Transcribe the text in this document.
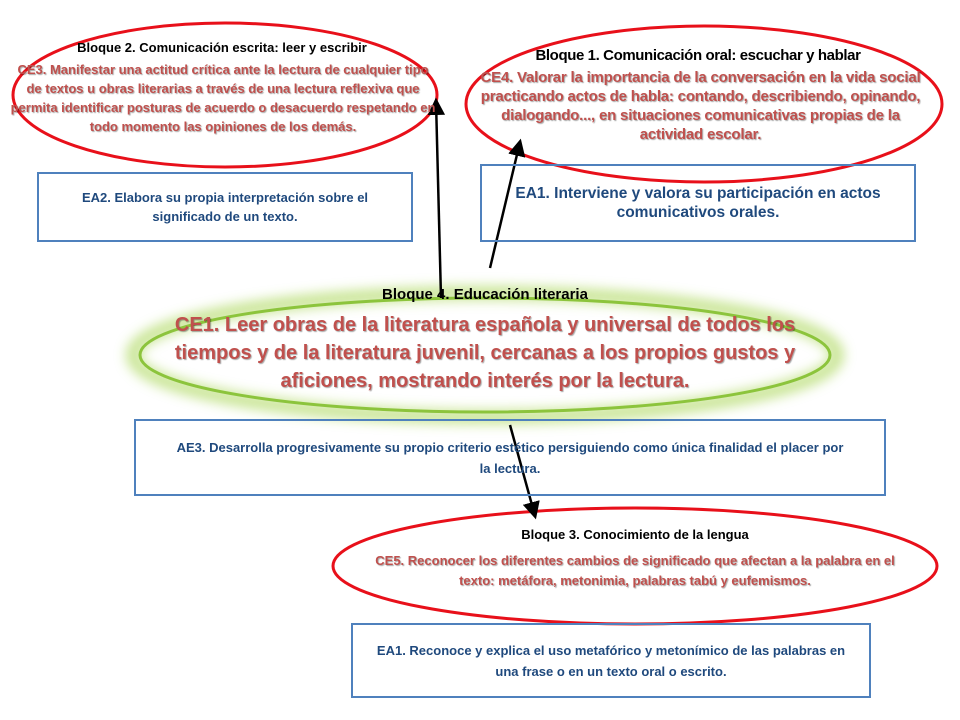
Bloque 2. Comunicación escrita: leer y escribir
CE3. Manifestar una actitud crítica ante la lectura de cualquier tipo de textos u obras literarias a través de una lectura reflexiva que permita identificar posturas de acuerdo o desacuerdo respetando en todo momento las opiniones de los demás.
EA2. Elabora su propia interpretación sobre el significado de un texto.
Bloque 1. Comunicación oral: escuchar y hablar
CE4. Valorar la importancia de la conversación en la vida social practicando actos de habla: contando, describiendo, opinando, dialogando..., en situaciones comunicativas propias de la actividad escolar.
EA1. Interviene y valora su participación en actos comunicativos orales.
Bloque 4. Educación literaria
CE1. Leer obras de la literatura española y universal de todos los tiempos y de la literatura juvenil, cercanas a los propios gustos y aficiones, mostrando interés por la lectura.
AE3. Desarrolla progresivamente su propio criterio estético persiguiendo como única finalidad el placer por la lectura.
Bloque 3. Conocimiento de la lengua
CE5. Reconocer los diferentes cambios de significado que afectan a la palabra en el texto: metáfora, metonimia, palabras tabú y eufemismos.
EA1. Reconoce y explica el uso metafórico y metonímico de las palabras en una frase o en un texto oral o escrito.
